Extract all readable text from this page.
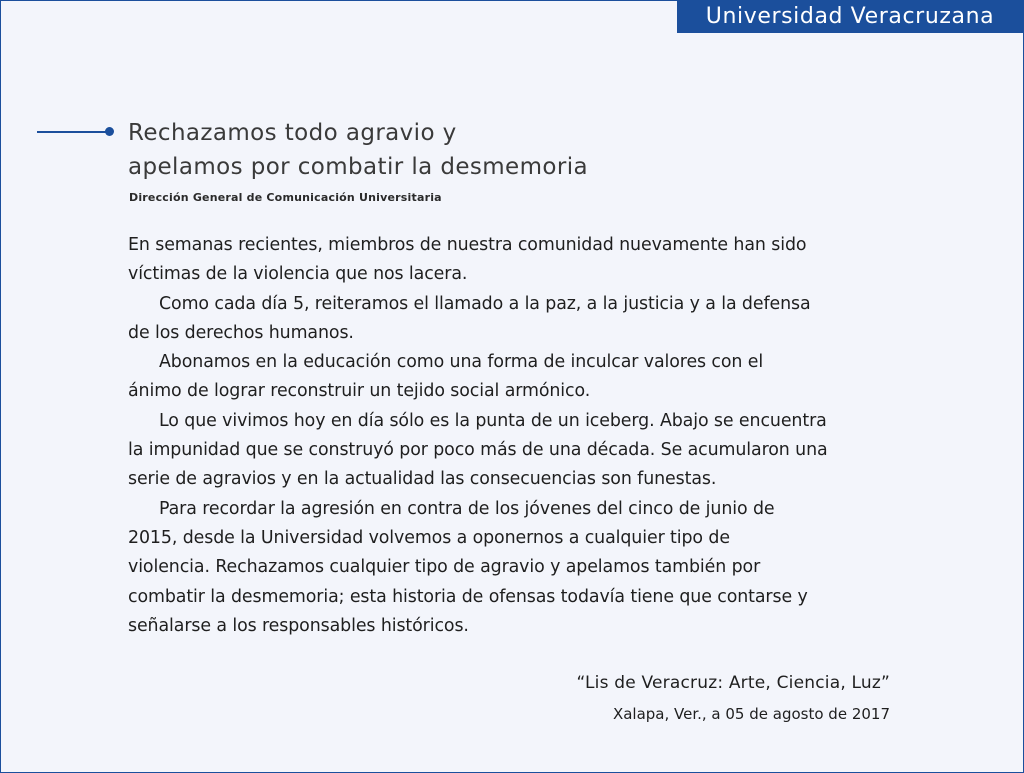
Universidad Veracruzana
Rechazamos todo agravio y
apelamos por combatir la desmemoria
Dirección General de Comunicación Universitaria
En semanas recientes, miembros de nuestra comunidad nuevamente han sido
víctimas de la violencia que nos lacera.
Como cada día 5, reiteramos el llamado a la paz, a la justicia y a la defensa
de los derechos humanos.
Abonamos en la educación como una forma de inculcar valores con el
ánimo de lograr reconstruir un tejido social armónico.
Lo que vivimos hoy en día sólo es la punta de un iceberg. Abajo se encuentra
la impunidad que se construyó por poco más de una década. Se acumularon una
serie de agravios y en la actualidad las consecuencias son funestas.
Para recordar la agresión en contra de los jóvenes del cinco de junio de
2015, desde la Universidad volvemos a oponernos a cualquier tipo de
violencia. Rechazamos cualquier tipo de agravio y apelamos también por
combatir la desmemoria; esta historia de ofensas todavía tiene que contarse y
señalarse a los responsables históricos.
“Lis de Veracruz: Arte, Ciencia, Luz”
Xalapa, Ver., a 05 de agosto de 2017
